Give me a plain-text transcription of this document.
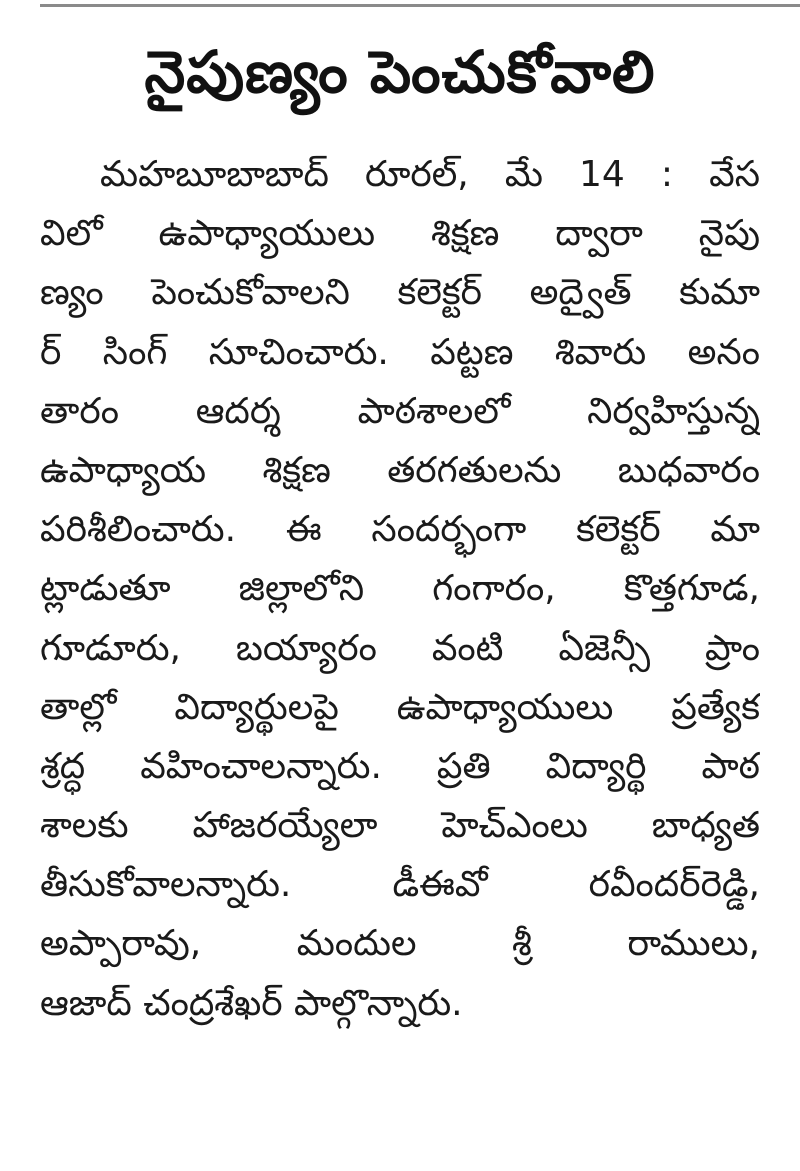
నైపుణ్యం పెంచుకోవాలి
మహబూబాబాద్ రూరల్, మే 14 : వేస
విలో ఉపాధ్యాయులు శిక్షణ ద్వారా నైపు
ణ్యం పెంచుకోవాలని కలెక్టర్ అద్వైత్ కుమా
ర్ సింగ్ సూచించారు. పట్టణ శివారు అనం
తారం ఆదర్శ పాఠశాలలో నిర్వహిస్తున్న
ఉపాధ్యాయ శిక్షణ తరగతులను బుధవారం
పరిశీలించారు. ఈ సందర్భంగా కలెక్టర్ మా
ట్లాడుతూ జిల్లాలోని గంగారం, కొత్తగూడ,
గూడూరు, బయ్యారం వంటి ఏజెన్సీ ప్రాం
తాల్లో విద్యార్థులపై ఉపాధ్యాయులు ప్రత్యేక
శ్రద్ధ వహించాలన్నారు. ప్రతి విద్యార్థి పాఠ
శాలకు హాజరయ్యేలా హెచ్ఎంలు బాధ్యత
తీసుకోవాలన్నారు. డీఈవో రవీందర్‌రెడ్డి,
అప్పారావు, మందుల శ్రీ రాములు,
ఆజాద్ చంద్రశేఖర్ పాల్గొన్నారు.
